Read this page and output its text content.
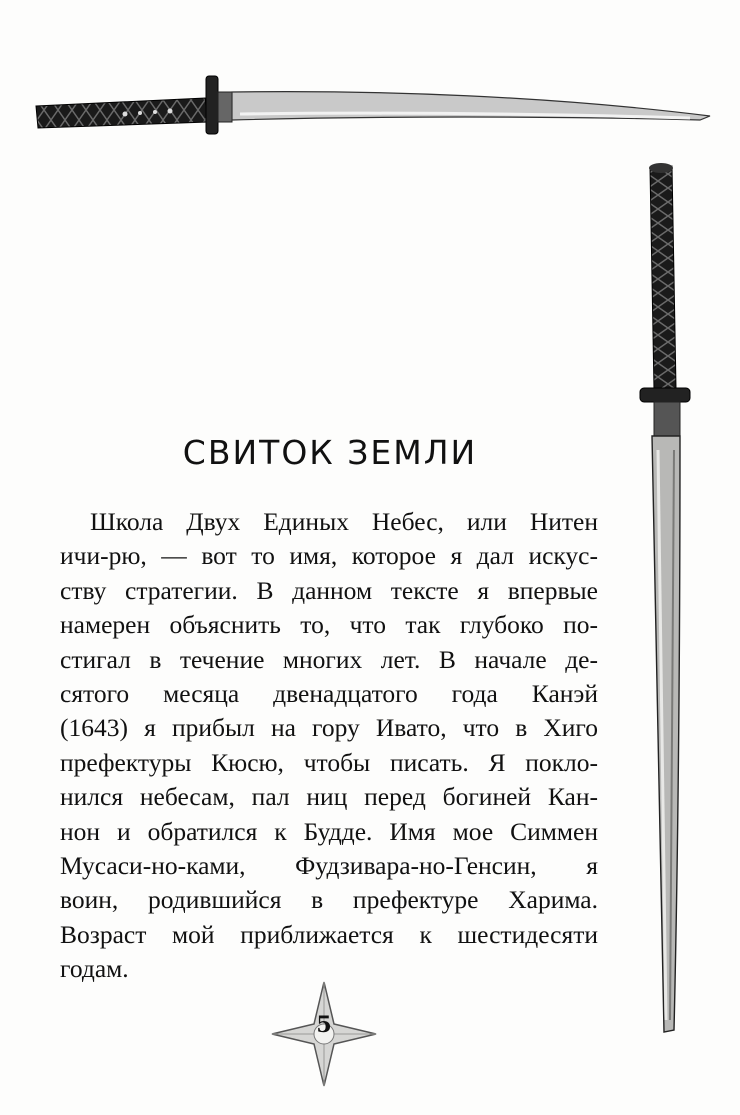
СВИТОК ЗЕМЛИ
Школа Двух Единых Небес, или Нитен
ичи-рю, — вот то имя, которое я дал искус-
ству стратегии. В данном тексте я впервые
намерен объяснить то, что так глубоко по-
стигал в течение многих лет. В начале де-
сятого месяца двенадцатого года Канэй
(1643) я прибыл на гору Ивато, что в Хиго
префектуры Кюсю, чтобы писать. Я покло-
нился небесам, пал ниц перед богиней Кан-
нон и обратился к Будде. Имя мое Симмен
Мусаси-но-ками, Фудзивара-но-Генсин, я
воин, родившийся в префектуре Харима.
Возраст мой приближается к шестидесяти
годам.
5
